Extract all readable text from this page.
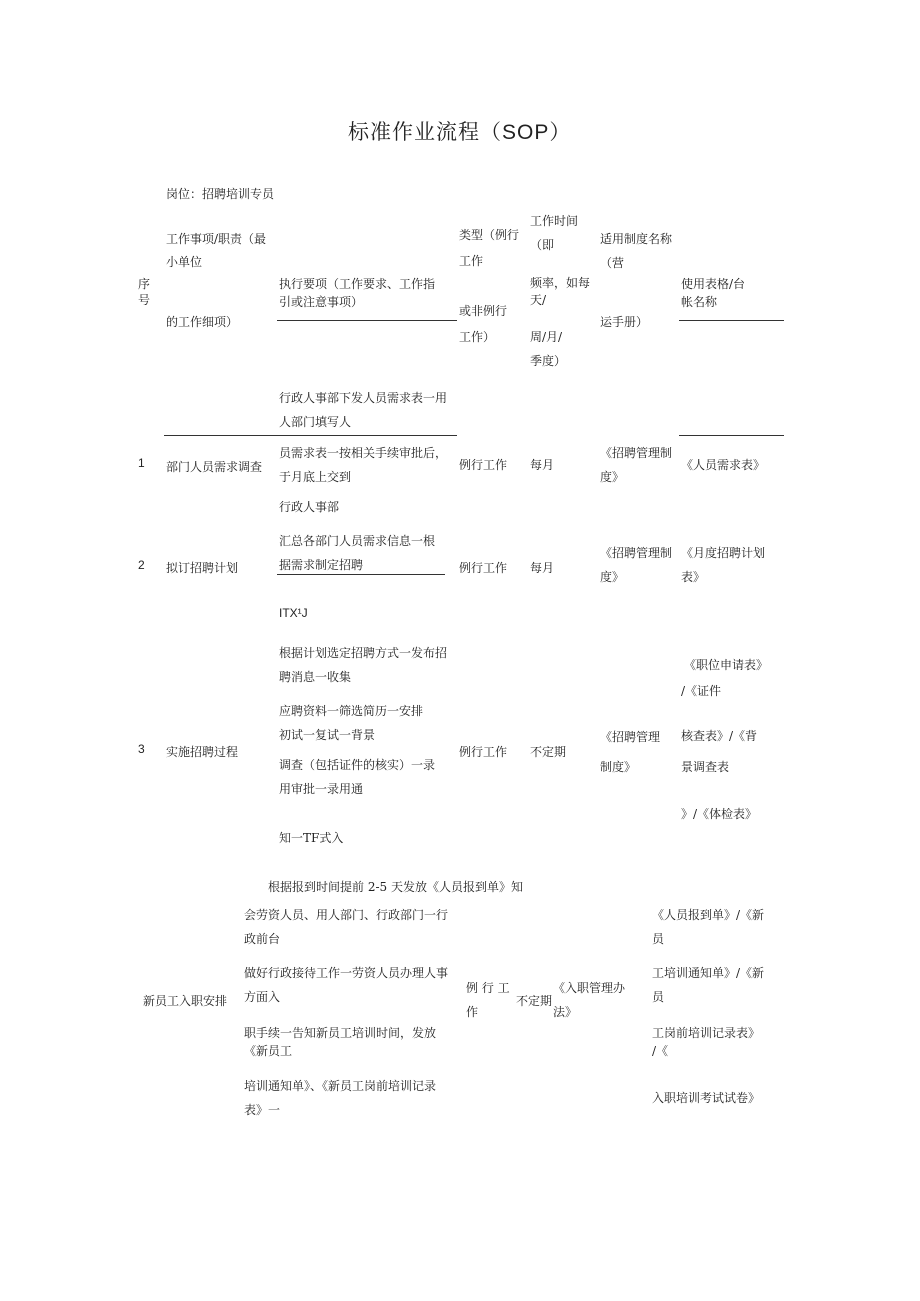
标准作业流程（SOP）
岗位：招聘培训专员
序
号
工作事项/职责（最
小单位
的工作细项）
执行要项（工作要求、工作指
引或注意事项）
类型（例行
工作
或非例行
工作）
工作时间
（即
频率，如每
天/
周/月/
季度）
适用制度名称
（营
运手册）
使用表格/台
帐名称
行政人事部下发人员需求表一用
人部门填写人
1 部门人员需求调查
员需求表一按相关手续审批后，
于月底上交到
行政人事部
例行工作 每月
《招聘管理制
度》
《人员需求表》
汇总各部门人员需求信息一根
据需求制定招聘
2 拟订招聘计划	例行工作 每月
《招聘管理制
度》
《月度招聘计划
表》
ITX¹J
根据计划选定招聘方式一发布招
聘消息一收集
应聘资料一筛选简历一安排
初试一复试一背景
调查（包括证件的核实）一录
用审批一录用通
知一TF式入
3 实施招聘过程	例行工作 不定期
《招聘管理
制度》
《职位申请表》
/《证件
核查表》/《背
景调查表
》/《体检表》
根据报到时间提前 2-5 天发放《人员报到单》知
会劳资人员、用人部门、行政部门一行
政前台
做好行政接待工作一劳资人员办理人事
方面入
职手续一告知新员工培训时间，发放
《新员工
培训通知单》、《新员工岗前培训记录
表》一
新员工入职安排
例 行 工
作
不定期
《入职管理办
法》
《人员报到单》/《新
员
工培训通知单》/《新
员
工岗前培训记录表》
/《
入职培训考试试卷》
